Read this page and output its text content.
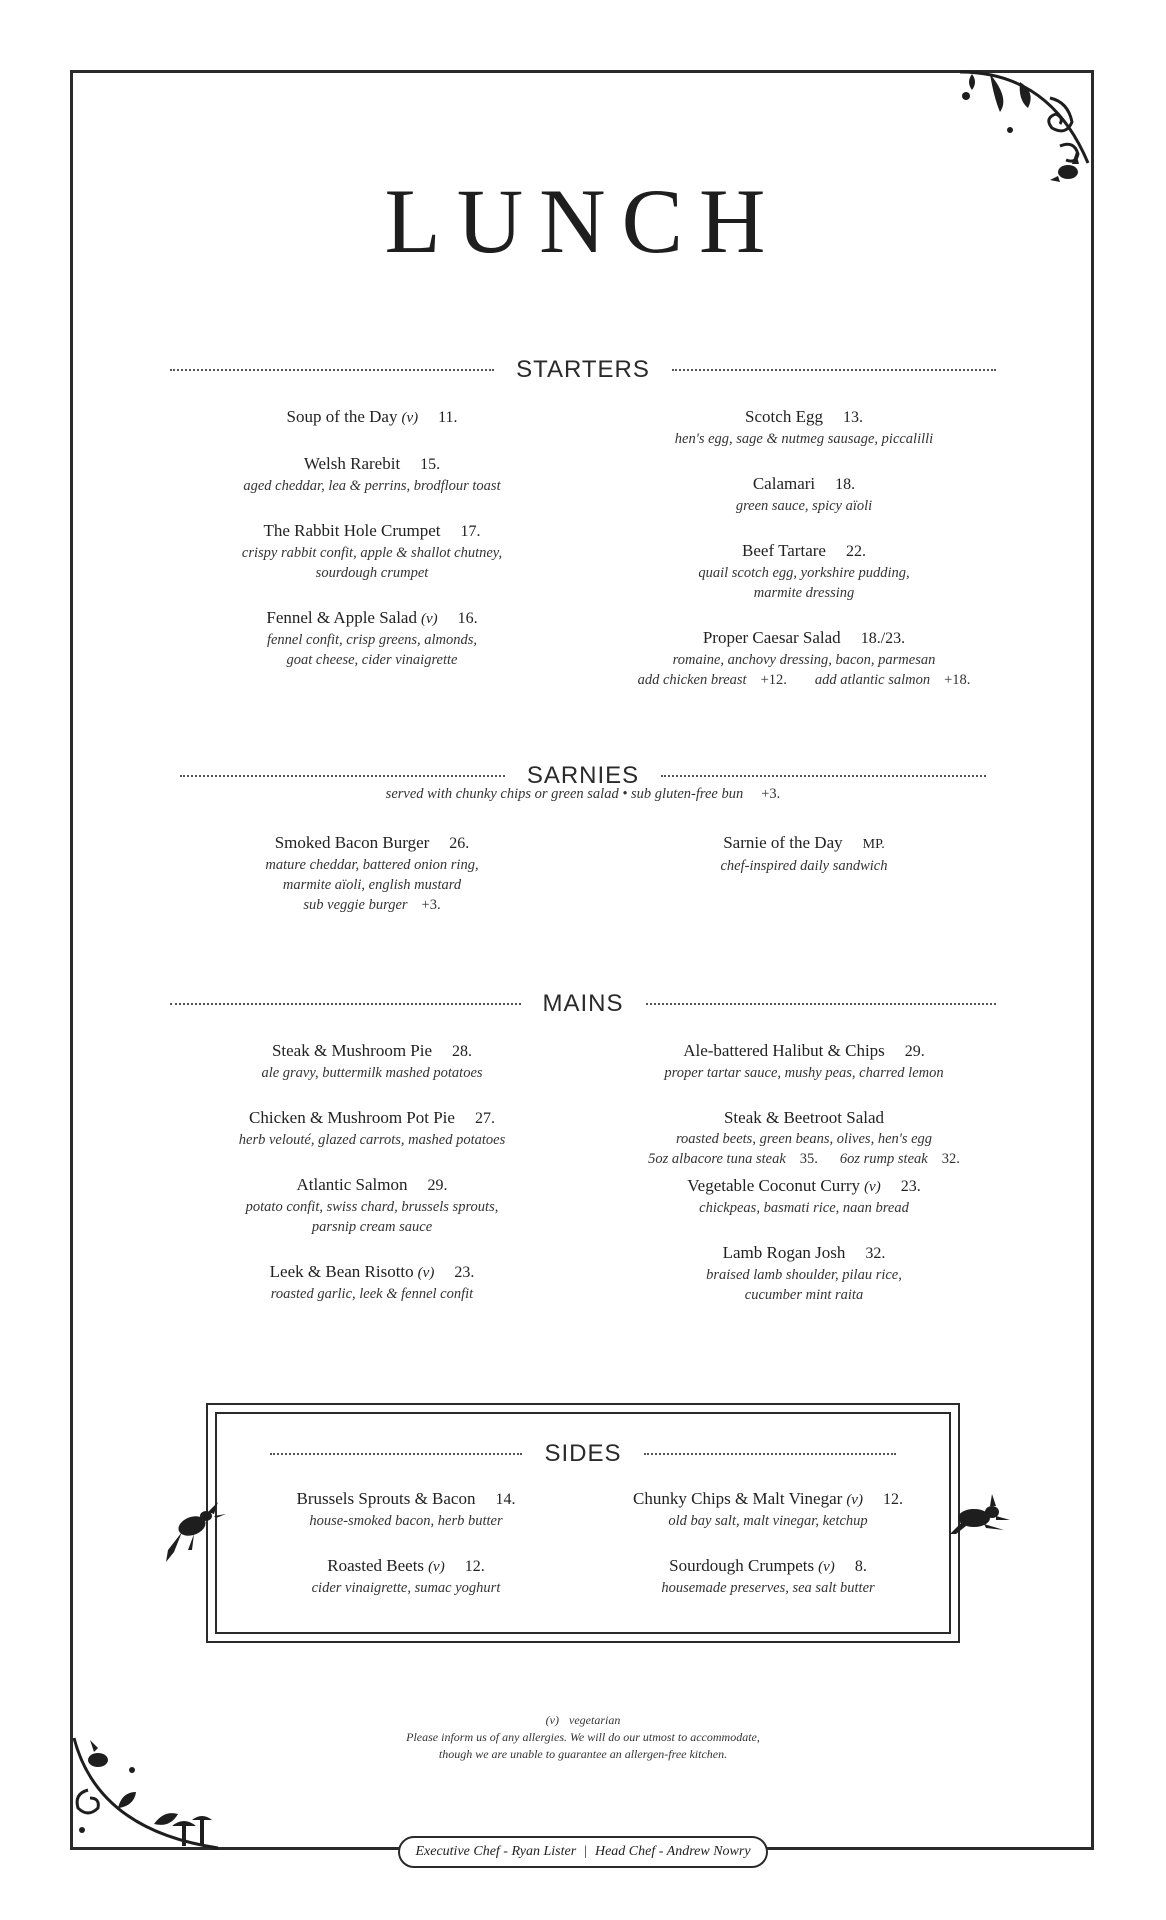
LUNCH
STARTERS
Soup of the Day (v) 11.
Welsh Rarebit 15.
aged cheddar, lea & perrins, brodflour toast
The Rabbit Hole Crumpet 17.
crispy rabbit confit, apple & shallot chutney,
sourdough crumpet
Fennel & Apple Salad (v) 16.
fennel confit, crisp greens, almonds,
goat cheese, cider vinaigrette
Scotch Egg 13.
hen's egg, sage & nutmeg sausage, piccalilli
Calamari 18.
green sauce, spicy aïoli
Beef Tartare 22.
quail scotch egg, yorkshire pudding,
marmite dressing
Proper Caesar Salad 18./23.
romaine, anchovy dressing, bacon, parmesan
add chicken breast +12. add atlantic salmon +18.
SARNIES
served with chunky chips or green salad • sub gluten-free bun +3.
Smoked Bacon Burger 26.
mature cheddar, battered onion ring,
marmite aïoli, english mustard
sub veggie burger +3.
Sarnie of the Day MP.
chef-inspired daily sandwich
MAINS
Steak & Mushroom Pie 28.
ale gravy, buttermilk mashed potatoes
Chicken & Mushroom Pot Pie 27.
herb velouté, glazed carrots, mashed potatoes
Atlantic Salmon 29.
potato confit, swiss chard, brussels sprouts,
parsnip cream sauce
Leek & Bean Risotto (v) 23.
roasted garlic, leek & fennel confit
Ale-battered Halibut & Chips 29.
proper tartar sauce, mushy peas, charred lemon
Steak & Beetroot Salad
roasted beets, green beans, olives, hen's egg
5oz albacore tuna steak 35. 6oz rump steak 32.
Vegetable Coconut Curry (v) 23.
chickpeas, basmati rice, naan bread
Lamb Rogan Josh 32.
braised lamb shoulder, pilau rice,
cucumber mint raita
SIDES
Brussels Sprouts & Bacon 14.
house-smoked bacon, herb butter
Roasted Beets (v) 12.
cider vinaigrette, sumac yoghurt
Chunky Chips & Malt Vinegar (v) 12.
old bay salt, malt vinegar, ketchup
Sourdough Crumpets (v) 8.
housemade preserves, sea salt butter
(v) vegetarian
Please inform us of any allergies. We will do our utmost to accommodate,
though we are unable to guarantee an allergen-free kitchen.
Executive Chef - Ryan Lister | Head Chef - Andrew Nowry
